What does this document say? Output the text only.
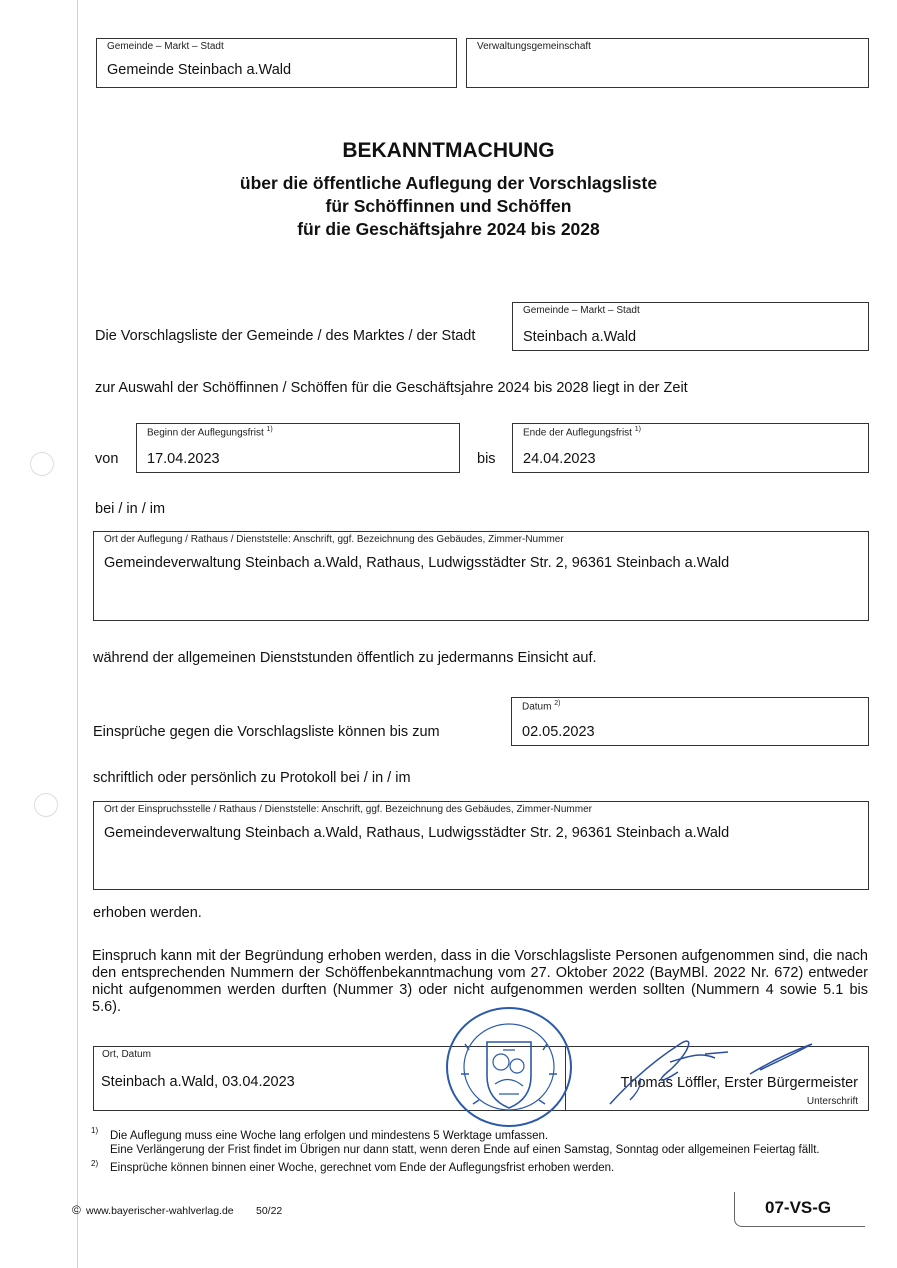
Gemeinde – Markt – Stadt
Gemeinde Steinbach a.Wald
Verwaltungsgemeinschaft
BEKANNTMACHUNG
über die öffentliche Auflegung der Vorschlagsliste
für Schöffinnen und Schöffen
für die Geschäftsjahre 2024 bis 2028
Die Vorschlagsliste der Gemeinde / des Marktes / der Stadt
Gemeinde – Markt – Stadt
Steinbach a.Wald
zur Auswahl der Schöffinnen / Schöffen für die Geschäftsjahre 2024 bis 2028 liegt in der Zeit
von
Beginn der Auflegungsfrist $^{1)}$
17.04.2023	bis
Ende der Auflegungsfrist $^{1)}$
24.04.2023
bei / in / im
Ort der Auflegung / Rathaus / Dienststelle: Anschrift, ggf. Bezeichnung des Gebäudes, Zimmer-Nummer
Gemeindeverwaltung Steinbach a.Wald, Rathaus, Ludwigsstädter Str. 2, 96361 Steinbach a.Wald
während der allgemeinen Dienststunden öffentlich zu jedermanns Einsicht auf.
Einsprüche gegen die Vorschlagsliste können bis zum
Datum $^{2)}$
02.05.2023
schriftlich oder persönlich zu Protokoll bei / in / im
Ort der Einspruchsstelle / Rathaus / Dienststelle: Anschrift, ggf. Bezeichnung des Gebäudes, Zimmer-Nummer
Gemeindeverwaltung Steinbach a.Wald, Rathaus, Ludwigsstädter Str. 2, 96361 Steinbach a.Wald
erhoben werden.
Einspruch kann mit der Begründung erhoben werden, dass in die Vorschlagsliste Personen aufgenommen sind, die nach den entsprechenden Nummern der Schöffenbekanntmachung vom 27. Oktober 2022 (BayMBl. 2022 Nr. 672) entweder nicht aufgenommen werden durften (Nummer 3) oder nicht aufgenommen werden sollten (Nummern 4 sowie 5.1 bis 5.6).
Ort, Datum
Steinbach a.Wald, 03.04.2023	Thomas Löffler, Erster Bürgermeister
Unterschrift
1) Die Auflegung muss eine Woche lang erfolgen und mindestens 5 Werktage umfassen.
Eine Verlängerung der Frist findet im Übrigen nur dann statt, wenn deren Ende auf einen Samstag, Sonntag oder allgemeinen Feiertag fällt.
2) Einsprüche können binnen einer Woche, gerechnet vom Ende der Auflegungsfrist erhoben werden.
© www.bayerischer-wahlverlag.de 50/22	07-VS-G
